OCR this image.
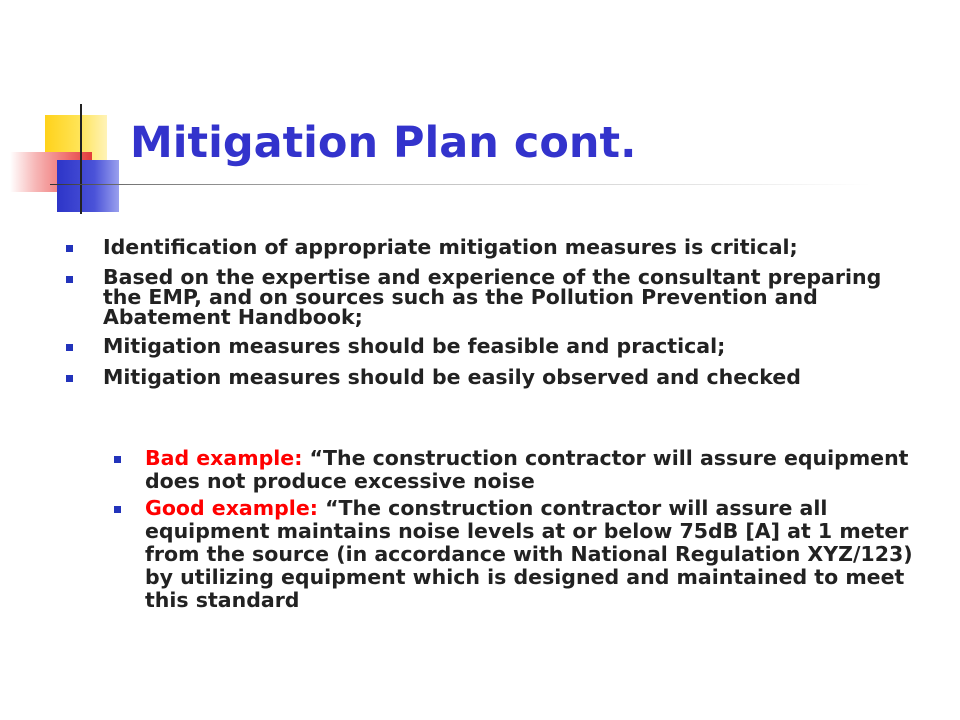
Mitigation Plan cont.
Identification of appropriate mitigation measures is critical;
Based on the expertise and experience of the consultant preparing the EMP, and on sources such as the Pollution Prevention and Abatement Handbook;
Mitigation measures should be feasible and practical;
Mitigation measures should be easily observed and checked
Bad example: “The construction contractor will assure equipment does not produce excessive noise
Good example: “The construction contractor will assure all equipment maintains noise levels at or below 75dB [A] at 1 meter from the source (in accordance with National Regulation XYZ/123) by utilizing equipment which is designed and maintained to meet this standard
